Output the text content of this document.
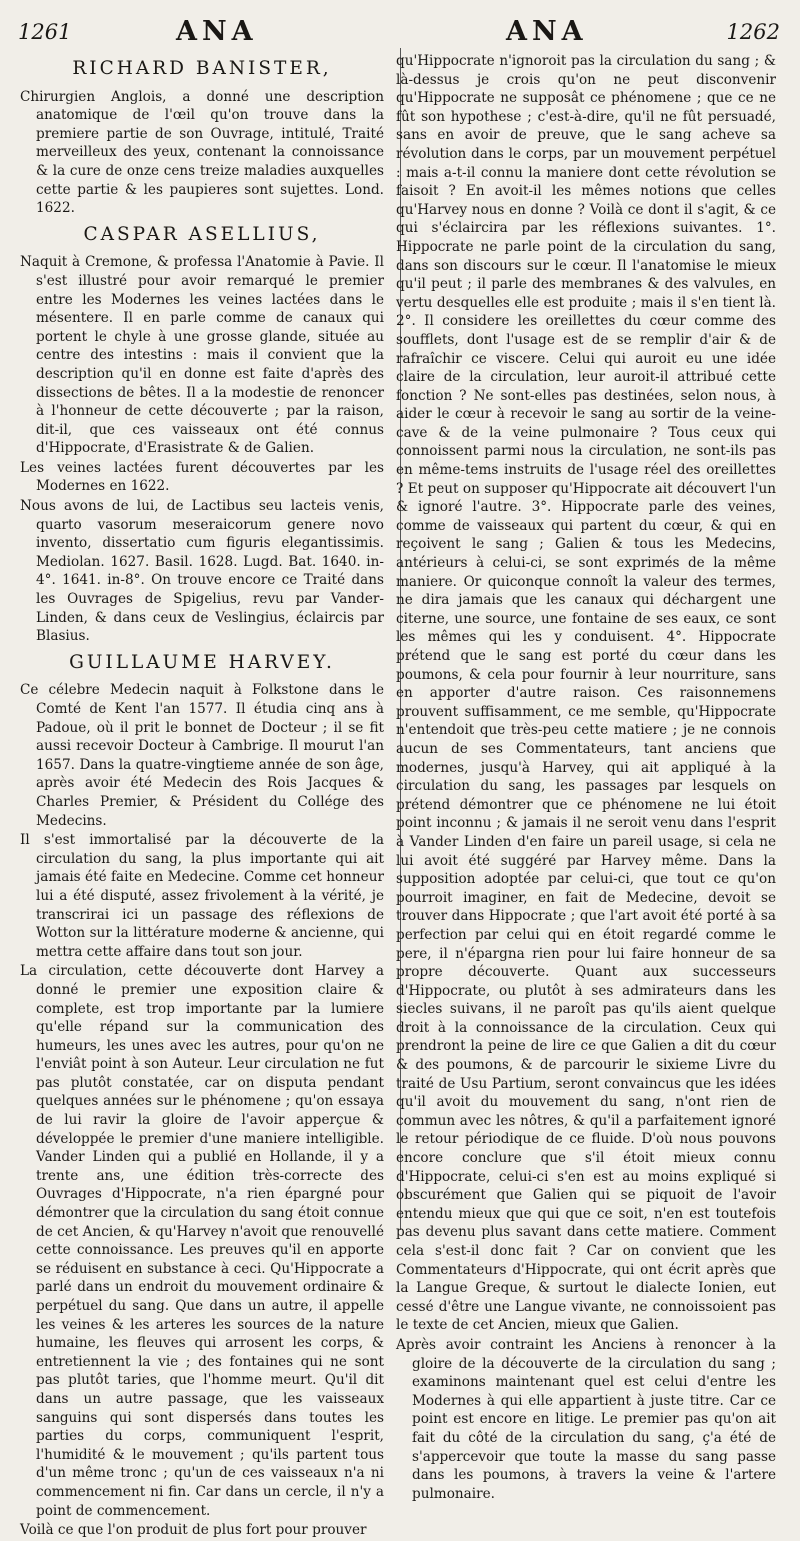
1261	ANA	ANA	1262
RICHARD BANISTER,

Chirurgien Anglois, a donné une description anatomique de l'œil qu'on trouve dans la premiere partie de son Ouvrage, intitulé, Traité merveilleux des yeux, contenant la connoissance & la cure de onze cens treize maladies auxquelles cette partie & les paupieres sont sujettes. Lond. 1622.

CASPAR ASELLIUS,

Naquit à Cremone, & professa l'Anatomie à Pavie. Il s'est illustré pour avoir remarqué le premier entre les Modernes les veines lactées dans le mésentere. Il en parle comme de canaux qui portent le chyle à une grosse glande, située au centre des intestins : mais il convient que la description qu'il en donne est faite d'après des dissections de bêtes. Il a la modestie de renoncer à l'honneur de cette découverte ; par la raison, dit-il, que ces vaisseaux ont été connus d'Hippocrate, d'Erasistrate & de Galien.

Les veines lactées furent découvertes par les Modernes en 1622.

Nous avons de lui, de Lactibus seu lacteis venis, quarto vasorum meseraicorum genere novo invento, dissertatio cum figuris elegantissimis. Mediolan. 1627. Basil. 1628. Lugd. Bat. 1640. in-4°. 1641. in-8°. On trouve encore ce Traité dans les Ouvrages de Spigelius, revu par Vander-Linden, & dans ceux de Veslingius, éclaircis par Blasius.

GUILLAUME HARVEY.

Ce célebre Medecin naquit à Folkstone dans le Comté de Kent l'an 1577. Il étudia cinq ans à Padoue, où il prit le bonnet de Docteur ; il se fit aussi recevoir Docteur à Cambrige. Il mourut l'an 1657. Dans la quatre-vingtieme année de son âge, après avoir été Medecin des Rois Jacques & Charles Premier, & Président du Collége des Medecins.

Il s'est immortalisé par la découverte de la circulation du sang, la plus importante qui ait jamais été faite en Medecine. Comme cet honneur lui a été disputé, assez frivolement à la vérité, je transcrirai ici un passage des réflexions de Wotton sur la littérature moderne & ancienne, qui mettra cette affaire dans tout son jour.

La circulation, cette découverte dont Harvey a donné le premier une exposition claire & complete, est trop importante par la lumiere qu'elle répand sur la communication des humeurs, les unes avec les autres, pour qu'on ne l'enviât point à son Auteur. Leur circulation ne fut pas plutôt constatée, car on disputa pendant quelques années sur le phénomene ; qu'on essaya de lui ravir la gloire de l'avoir apperçue & développée le premier d'une maniere intelligible. Vander Linden qui a publié en Hollande, il y a trente ans, une édition très-correcte des Ouvrages d'Hippocrate, n'a rien épargné pour démontrer que la circulation du sang étoit connue de cet Ancien, & qu'Harvey n'avoit que renouvellé cette connoissance. Les preuves qu'il en apporte se réduisent en substance à ceci. Qu'Hippocrate a parlé dans un endroit du mouvement ordinaire & perpétuel du sang. Que dans un autre, il appelle les veines & les arteres les sources de la nature humaine, les fleuves qui arrosent les corps, & entretiennent la vie ; des fontaines qui ne sont pas plutôt taries, que l'homme meurt. Qu'il dit dans un autre passage, que les vaisseaux sanguins qui sont dispersés dans toutes les parties du corps, communiquent l'esprit, l'humidité & le mouvement ; qu'ils partent tous d'un même tronc ; qu'un de ces vaisseaux n'a ni commencement ni fin. Car dans un cercle, il n'y a point de commencement.

Voilà ce que l'on produit de plus fort pour prouver

qu'Hippocrate n'ignoroit pas la circulation du sang ; & là-dessus je crois qu'on ne peut disconvenir qu'Hippocrate ne supposât ce phénomene ; que ce ne fût son hypothese ; c'est-à-dire, qu'il ne fût persuadé, sans en avoir de preuve, que le sang acheve sa révolution dans le corps, par un mouvement perpétuel : mais a-t-il connu la maniere dont cette révolution se faisoit ? En avoit-il les mêmes notions que celles qu'Harvey nous en donne ? Voilà ce dont il s'agit, & ce qui s'éclaircira par les réflexions suivantes. 1°. Hippocrate ne parle point de la circulation du sang, dans son discours sur le cœur. Il l'anatomise le mieux qu'il peut ; il parle des membranes & des valvules, en vertu desquelles elle est produite ; mais il s'en tient là. 2°. Il considere les oreillettes du cœur comme des soufflets, dont l'usage est de se remplir d'air & de rafraîchir ce viscere. Celui qui auroit eu une idée claire de la circulation, leur auroit-il attribué cette fonction ? Ne sont-elles pas destinées, selon nous, à aider le cœur à recevoir le sang au sortir de la veine-cave & de la veine pulmonaire ? Tous ceux qui connoissent parmi nous la circulation, ne sont-ils pas en même-tems instruits de l'usage réel des oreillettes ? Et peut on supposer qu'Hippocrate ait découvert l'un & ignoré l'autre. 3°. Hippocrate parle des veines, comme de vaisseaux qui partent du cœur, & qui en reçoivent le sang ; Galien & tous les Medecins, antérieurs à celui-ci, se sont exprimés de la même maniere. Or quiconque connoît la valeur des termes, ne dira jamais que les canaux qui déchargent une citerne, une source, une fontaine de ses eaux, ce sont les mêmes qui les y conduisent. 4°. Hippocrate prétend que le sang est porté du cœur dans les poumons, & cela pour fournir à leur nourriture, sans en apporter d'autre raison. Ces raisonnemens prouvent suffisamment, ce me semble, qu'Hippocrate n'entendoit que très-peu cette matiere ; je ne connois aucun de ses Commentateurs, tant anciens que modernes, jusqu'à Harvey, qui ait appliqué à la circulation du sang, les passages par lesquels on prétend démontrer que ce phénomene ne lui étoit point inconnu ; & jamais il ne seroit venu dans l'esprit à Vander Linden d'en faire un pareil usage, si cela ne lui avoit été suggéré par Harvey même. Dans la supposition adoptée par celui-ci, que tout ce qu'on pourroit imaginer, en fait de Medecine, devoit se trouver dans Hippocrate ; que l'art avoit été porté à sa perfection par celui qui en étoit regardé comme le pere, il n'épargna rien pour lui faire honneur de sa propre découverte. Quant aux successeurs d'Hippocrate, ou plutôt à ses admirateurs dans les siecles suivans, il ne paroît pas qu'ils aient quelque droit à la connoissance de la circulation. Ceux qui prendront la peine de lire ce que Galien a dit du cœur & des poumons, & de parcourir le sixieme Livre du traité de Usu Partium, seront convaincus que les idées qu'il avoit du mouvement du sang, n'ont rien de commun avec les nôtres, & qu'il a parfaitement ignoré le retour périodique de ce fluide. D'où nous pouvons encore conclure que s'il étoit mieux connu d'Hippocrate, celui-ci s'en est au moins expliqué si obscurément que Galien qui se piquoit de l'avoir entendu mieux que qui que ce soit, n'en est toutefois pas devenu plus savant dans cette matiere. Comment cela s'est-il donc fait ? Car on convient que les Commentateurs d'Hippocrate, qui ont écrit après que la Langue Greque, & surtout le dialecte Ionien, eut cessé d'être une Langue vivante, ne connoissoient pas le texte de cet Ancien, mieux que Galien.

Après avoir contraint les Anciens à renoncer à la gloire de la découverte de la circulation du sang ; examinons maintenant quel est celui d'entre les Modernes à qui elle appartient à juste titre. Car ce point est encore en litige. Le premier pas qu'on ait fait du côté de la circulation du sang, ç'a été de s'appercevoir que toute la masse du sang passe dans les poumons, à travers la veine & l'artere pulmonaire.
